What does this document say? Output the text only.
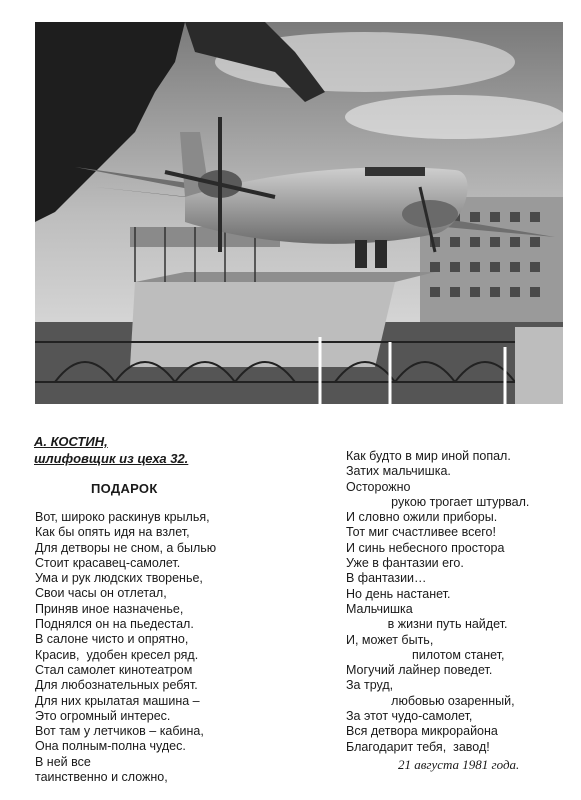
А. КОСТИН,
шлифовщик из цеха 32.
ПОДАРОК
Вот, широко раскинув крылья,
Как бы опять идя на взлет,
Для детворы не сном, а былью
Стоит красавец-самолет.
Ума и рук людских творенье,
Свои часы он отлетал,
Приняв иное назначенье,
Поднялся он на пьедестал.
В салоне чисто и опрятно,
Красив,  удобен кресел ряд.
Стал самолет кинотеатром
Для любознательных ребят.
Для них крылатая машина –
Это огромный интерес.
Вот там у летчиков – кабина,
Она полным-полна чудес.
В ней все
таинственно и сложно,
Как будто в мир иной попал.
Затих мальчишка.
Осторожно
рукою трогает штурвал.
И словно ожили приборы.
Тот миг счастливее всего!
И синь небесного простора
Уже в фантазии его.
В фантазии…
Но день настанет.
Мальчишка
в жизни путь найдет.
И, может быть,
пилотом станет,
Могучий лайнер поведет.
За труд,
любовью озаренный,
За этот чудо-самолет,
Вся детвора микрорайона
Благодарит тебя,  завод!
21 августа 1981 года.
